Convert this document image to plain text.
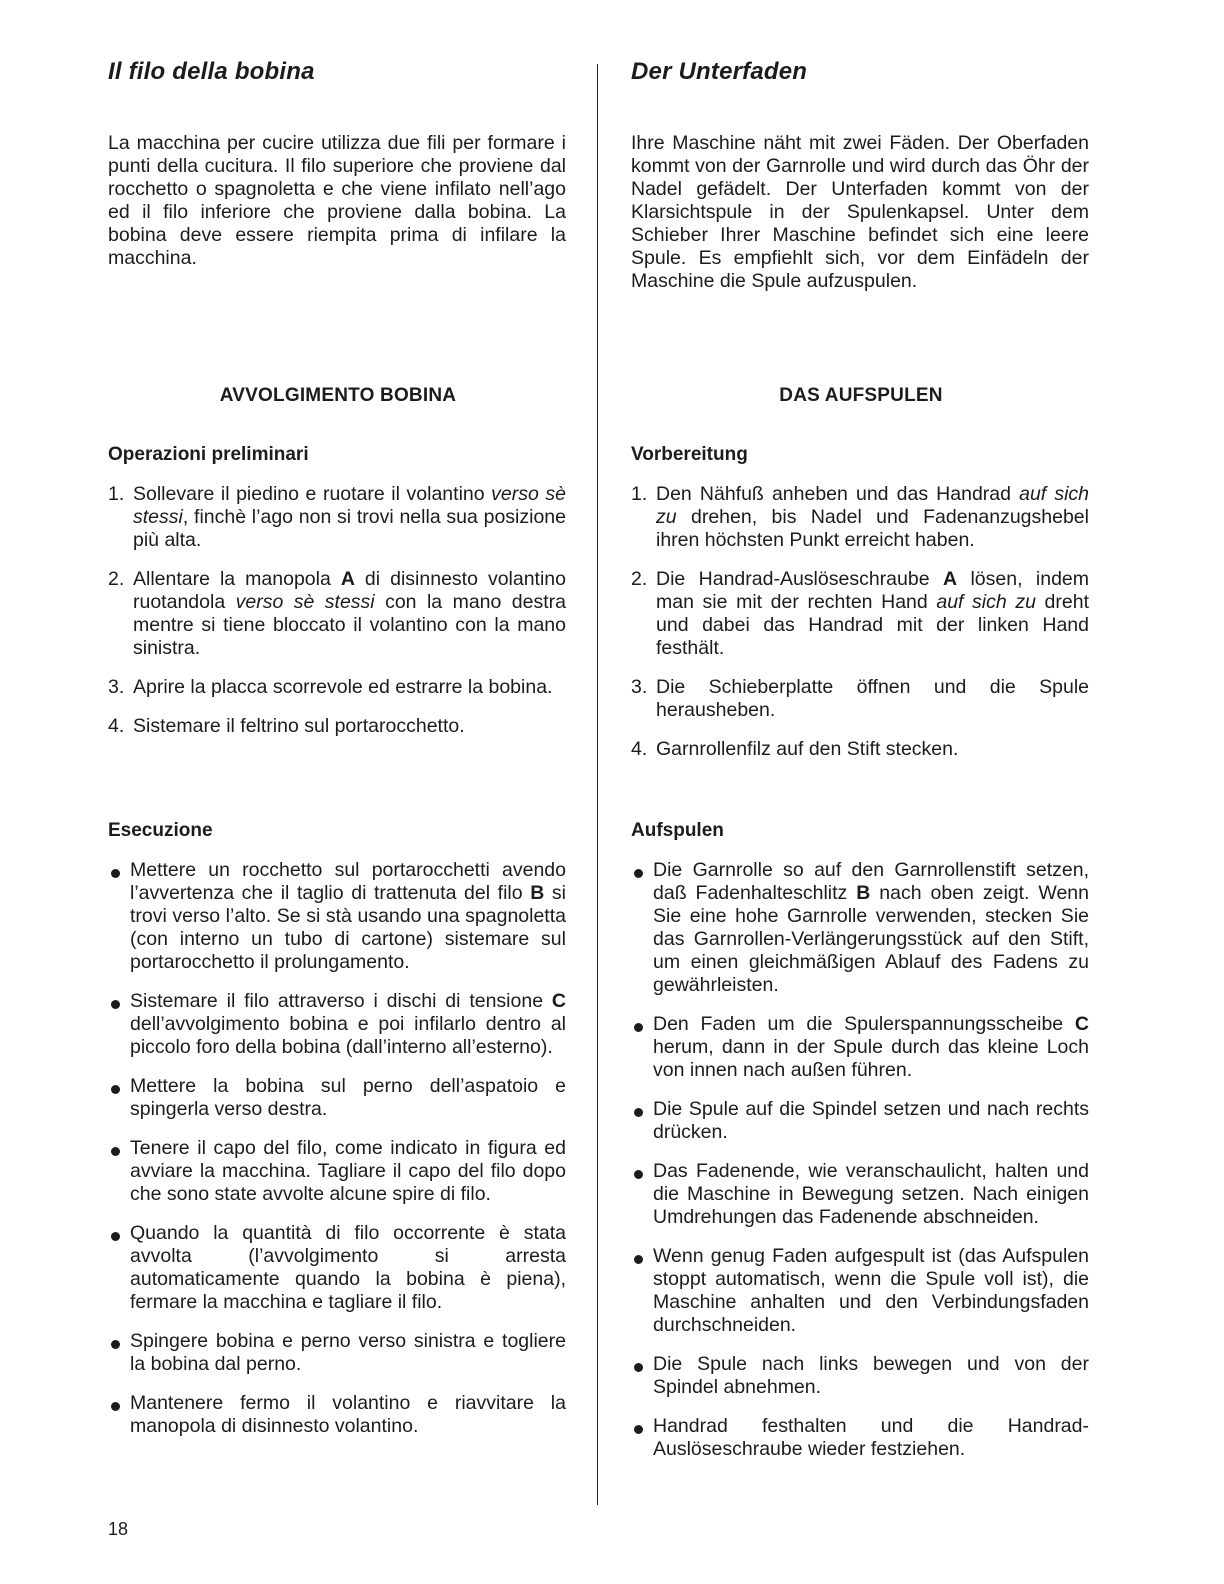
Il filo della bobina

La macchina per cucire utilizza due fili per formare i punti della cucitura. Il filo superiore che proviene dal rocchetto o spagnoletta e che viene infilato nell’ago ed il filo inferiore che proviene dalla bobina. La bobina deve essere riempita prima di infilare la macchina.

AVVOLGIMENTO BOBINA
Operazioni preliminari
1. Sollevare il piedino e ruotare il volantino verso sè stessi, finchè l’ago non si trovi nella sua posizione più alta.
2. Allentare la manopola A di disinnesto volantino ruotandola verso sè stessi con la mano destra mentre si tiene bloccato il volantino con la mano sinistra.
3. Aprire la placca scorrevole ed estrarre la bobina.
4. Sistemare il feltrino sul portarocchetto.
Esecuzione
Mettere un rocchetto sul portarocchetti avendo l’avvertenza che il taglio di trattenuta del filo B si trovi verso l’alto. Se si stà usando una spagnoletta (con interno un tubo di cartone) sistemare sul portarocchetto il prolungamento.
Sistemare il filo attraverso i dischi di tensione C dell’avvolgimento bobina e poi infilarlo dentro al piccolo foro della bobina (dall’interno all’esterno).
Mettere la bobina sul perno dell’aspatoio e spingerla verso destra.
Tenere il capo del filo, come indicato in figura ed avviare la macchina. Tagliare il capo del filo dopo che sono state avvolte alcune spire di filo.
Quando la quantità di filo occorrente è stata avvolta (l’avvolgimento si arresta automaticamente quando la bobina è piena), fermare la macchina e tagliare il filo.
Spingere bobina e perno verso sinistra e togliere la bobina dal perno.
Mantenere fermo il volantino e riavvitare la manopola di disinnesto volantino.
Der Unterfaden

Ihre Maschine näht mit zwei Fäden. Der Oberfaden kommt von der Garnrolle und wird durch das Öhr der Nadel gefädelt. Der Unterfaden kommt von der Klarsichtspule in der Spulenkapsel. Unter dem Schieber Ihrer Maschine befindet sich eine leere Spule. Es empfiehlt sich, vor dem Einfädeln der Maschine die Spule aufzuspulen.

DAS AUFSPULEN
Vorbereitung
1. Den Nähfuß anheben und das Handrad auf sich zu drehen, bis Nadel und Fadenanzugshebel ihren höchsten Punkt erreicht haben.
2. Die Handrad-Auslöseschraube A lösen, indem man sie mit der rechten Hand auf sich zu dreht und dabei das Handrad mit der linken Hand festhält.
3. Die Schieberplatte öffnen und die Spule herausheben.
4. Garnrollenfilz auf den Stift stecken.
Aufspulen
Die Garnrolle so auf den Garnrollenstift setzen, daß Fadenhalteschlitz B nach oben zeigt. Wenn Sie eine hohe Garnrolle verwenden, stecken Sie das Garnrollen-Verlängerungsstück auf den Stift, um einen gleichmäßigen Ablauf des Fadens zu gewährleisten.
Den Faden um die Spulerspannungsscheibe C herum, dann in der Spule durch das kleine Loch von innen nach außen führen.
Die Spule auf die Spindel setzen und nach rechts drücken.
Das Fadenende, wie veranschaulicht, halten und die Maschine in Bewegung setzen. Nach einigen Umdrehungen das Fadenende abschneiden.
Wenn genug Faden aufgespult ist (das Aufspulen stoppt automatisch, wenn die Spule voll ist), die Maschine anhalten und den Verbindungsfaden durchschneiden.
Die Spule nach links bewegen und von der Spindel abnehmen.
Handrad festhalten und die Handrad-Auslöseschraube wieder festziehen.
18
